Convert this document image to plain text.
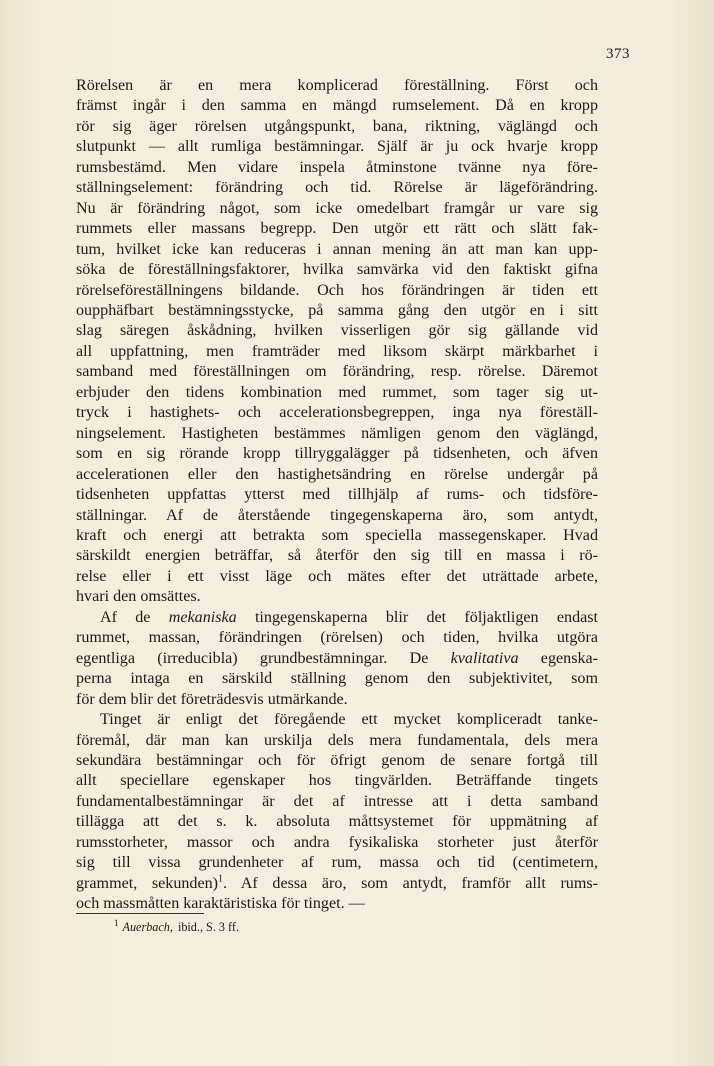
373
Rörelsen är en mera komplicerad föreställning. Först och
främst ingår i den samma en mängd rumselement. Då en kropp
rör sig äger rörelsen utgångspunkt, bana, riktning, väglängd och
slutpunkt — allt rumliga bestämningar. Själf är ju ock hvarje kropp
rumsbestämd. Men vidare inspela åtminstone tvänne nya före-
ställningselement: förändring och tid. Rörelse är lägeförändring.
Nu är förändring något, som icke omedelbart framgår ur vare sig
rummets eller massans begrepp. Den utgör ett rätt och slätt fak-
tum, hvilket icke kan reduceras i annan mening än att man kan upp-
söka de föreställningsfaktorer, hvilka samvärka vid den faktiskt gifna
rörelseföreställningens bildande. Och hos förändringen är tiden ett
oupphäfbart bestämningsstycke, på samma gång den utgör en i sitt
slag säregen åskådning, hvilken visserligen gör sig gällande vid
all uppfattning, men framträder med liksom skärpt märkbarhet i
samband med föreställningen om förändring, resp. rörelse. Däremot
erbjuder den tidens kombination med rummet, som tager sig ut-
tryck i hastighets- och accelerationsbegreppen, inga nya föreställ-
ningselement. Hastigheten bestämmes nämligen genom den väglängd,
som en sig rörande kropp tillryggalägger på tidsenheten, och äfven
accelerationen eller den hastighetsändring en rörelse undergår på
tidsenheten uppfattas ytterst med tillhjälp af rums- och tidsföre-
ställningar. Af de återstående tingegenskaperna äro, som antydt,
kraft och energi att betrakta som speciella massegenskaper. Hvad
särskildt energien beträffar, så återför den sig till en massa i rö-
relse eller i ett visst läge och mätes efter det uträttade arbete,
hvari den omsättes.
Af de mekaniska tingegenskaperna blir det följaktligen endast
rummet, massan, förändringen (rörelsen) och tiden, hvilka utgöra
egentliga (irreducibla) grundbestämningar. De kvalitativa egenska-
perna intaga en särskild ställning genom den subjektivitet, som
för dem blir det företrädesvis utmärkande.
Tinget är enligt det föregående ett mycket kompliceradt tanke-
föremål, där man kan urskilja dels mera fundamentala, dels mera
sekundära bestämningar och för öfrigt genom de senare fortgå till
allt speciellare egenskaper hos tingvärlden. Beträffande tingets
fundamentalbestämningar är det af intresse att i detta samband
tillägga att det s. k. absoluta måttsystemet för uppmätning af
rumsstorheter, massor och andra fysikaliska storheter just återför
sig till vissa grundenheter af rum, massa och tid (centimetern,
grammet, sekunden)$^1$. Af dessa äro, som antydt, framför allt rums-
och massmåtten karaktäristiska för tinget. —
$^1$ Auerbach, ibid., S. 3 ff.
